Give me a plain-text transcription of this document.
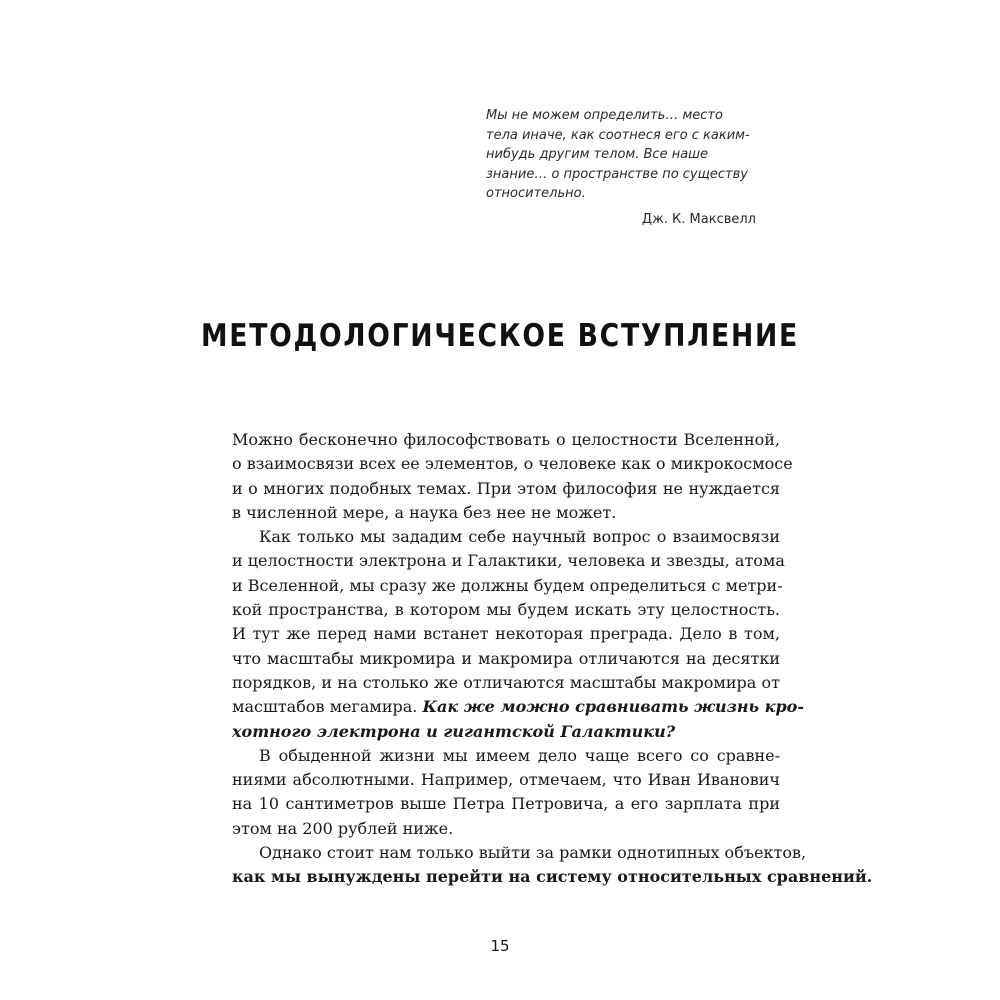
Мы не можем определить… место
тела иначе, как соотнеся его с каким-
нибудь другим телом. Все наше
знание… о пространстве по существу
относительно.
Дж. К. Максвелл
МЕТОДОЛОГИЧЕСКОЕ ВСТУПЛЕНИЕ
Можно бесконечно философствовать о целостности Вселенной,
о взаимосвязи всех ее элементов, о человеке как о микрокосмосе
и о многих подобных темах. При этом философия не нуждается
в численной мере, а наука без нее не может.
Как только мы зададим себе научный вопрос о взаимосвязи
и целостности электрона и Галактики, человека и звезды, атома
и Вселенной, мы сразу же должны будем определиться с метри-
кой пространства, в котором мы будем искать эту целостность.
И тут же перед нами встанет некоторая преграда. Дело в том,
что масштабы микромира и макромира отличаются на десятки
порядков, и на столько же отличаются масштабы макромира от
масштабов мегамира. Как же можно сравнивать жизнь кро-
хотного электрона и гигантской Галактики?
В обыденной жизни мы имеем дело чаще всего со сравне-
ниями абсолютными. Например, отмечаем, что Иван Иванович
на 10 сантиметров выше Петра Петровича, а его зарплата при
этом на 200 рублей ниже.
Однако стоит нам только выйти за рамки однотипных объектов,
как мы вынуждены перейти на систему относительных сравнений.
15
